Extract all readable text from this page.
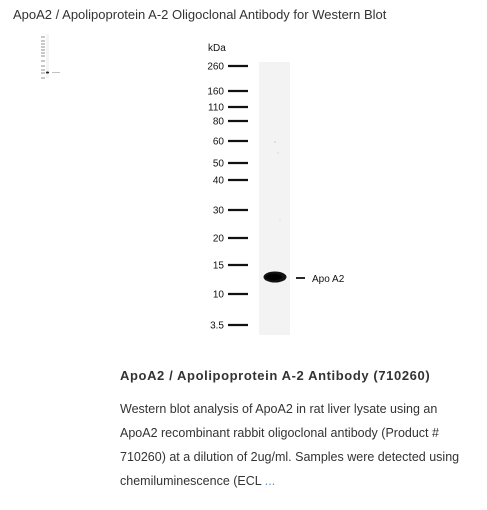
ApoA2 / Apolipoprotein A-2 Oligoclonal Antibody for Western Blot
kDa
260
160
110
80
60
50
40
30
20
15
10
3.5
Apo A2
ApoA2 / Apolipoprotein A-2 Antibody (710260)
Western blot analysis of ApoA2 in rat liver lysate using an ApoA2 recombinant rabbit oligoclonal antibody (Product # 710260) at a dilution of 2ug/ml. Samples were detected using chemiluminescence (ECL ...
